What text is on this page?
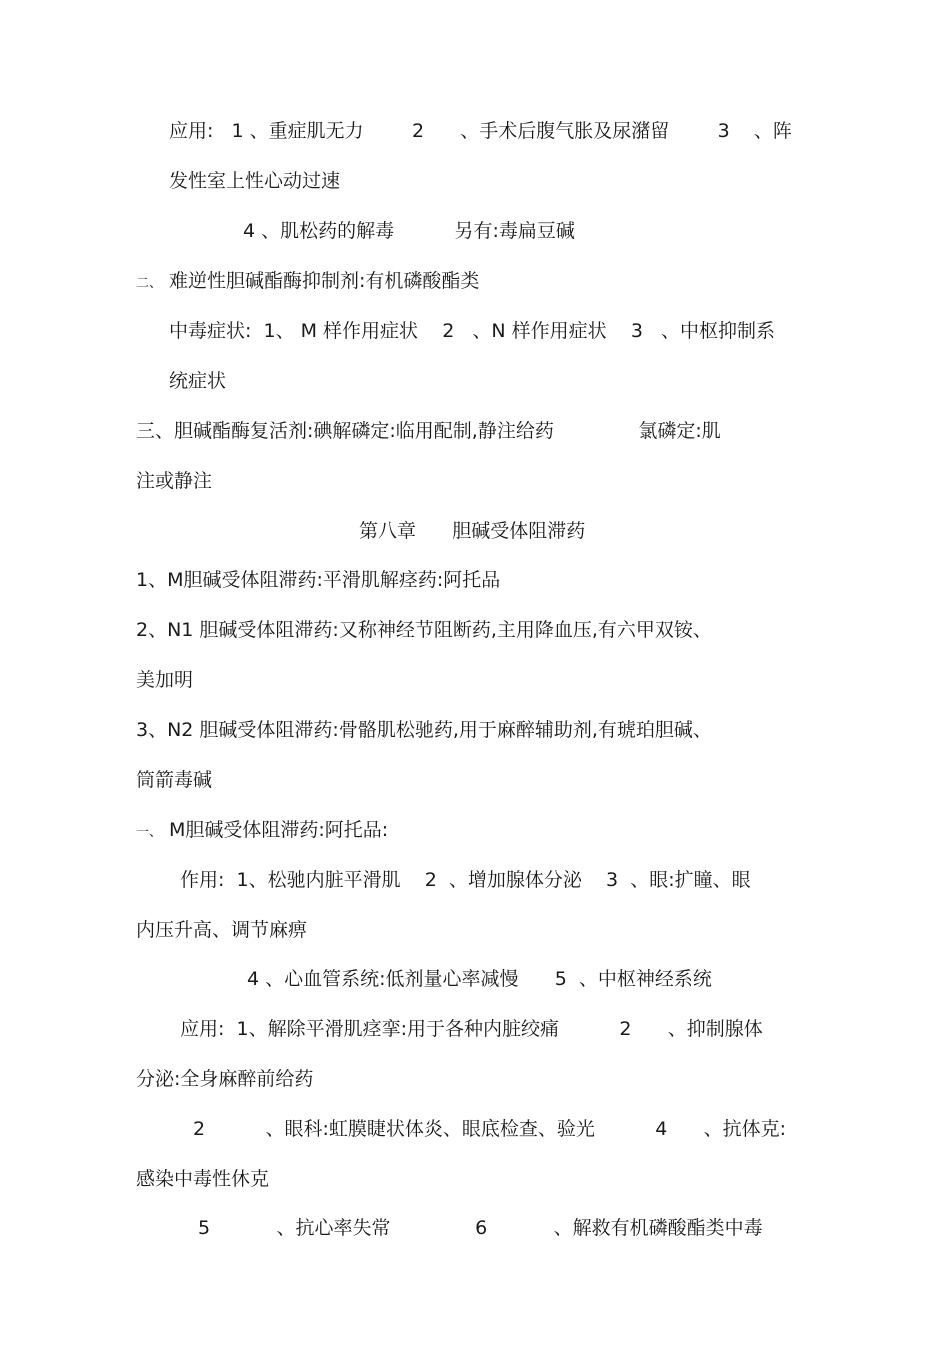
应用:   1 、重症肌无力        2      、手术后腹气胀及尿潴留        3    、阵
发性室上性心动过速
4 、肌松药的解毒          另有:毒扁豆碱
二、 难逆性胆碱酯酶抑制剂:有机磷酸酯类
中毒症状:  1、 M 样作用症状    2   、N 样作用症状    3   、中枢抑制系
统症状
三、胆碱酯酶复活剂:碘解磷定:临用配制,静注给药              氯磷定:肌
注或静注
第八章      胆碱受体阻滞药
1、M胆碱受体阻滞药:平滑肌解痉药:阿托品
2、N1 胆碱受体阻滞药:又称神经节阻断药,主用降血压,有六甲双铵、
美加明
3、N2 胆碱受体阻滞药:骨骼肌松驰药,用于麻醉辅助剂,有琥珀胆碱、
筒箭毒碱
一、 M胆碱受体阻滞药:阿托品:
作用:  1、松驰内脏平滑肌    2  、增加腺体分泌    3  、眼:扩瞳、眼
内压升高、调节麻痹
4 、心血管系统:低剂量心率减慢      5  、中枢神经系统
应用:  1、解除平滑肌痉挛:用于各种内脏绞痛          2      、抑制腺体
分泌:全身麻醉前给药
2          、眼科:虹膜睫状体炎、眼底检查、验光          4      、抗体克:
感染中毒性休克
5           、抗心率失常              6           、解救有机磷酸酯类中毒
